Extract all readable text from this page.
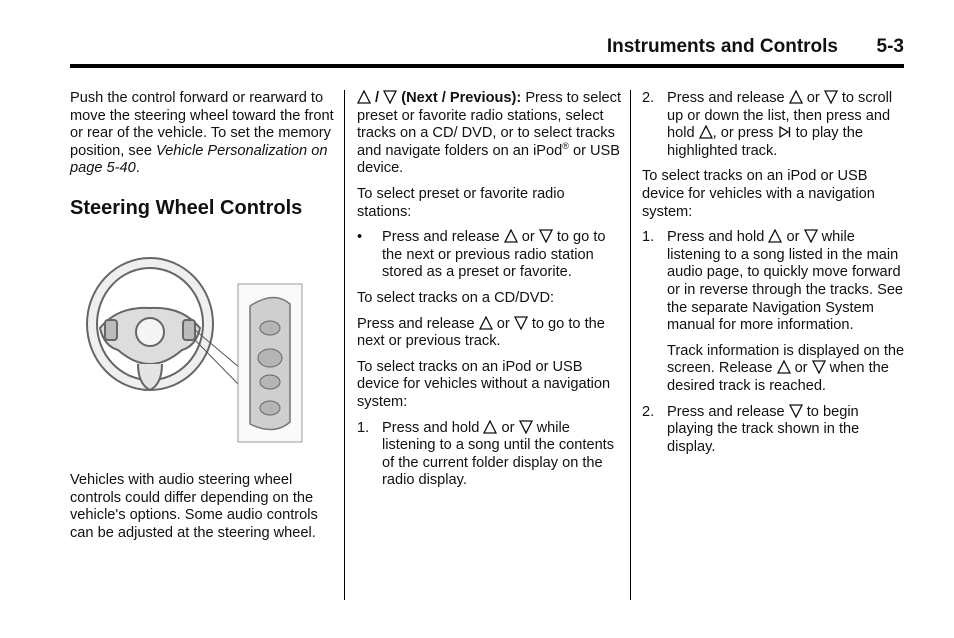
Instruments and Controls 5-3

Push the control forward or rearward to move the steering wheel toward the front or rear of the vehicle. To set the memory position, see Vehicle Personalization on page 5-40.

Steering Wheel Controls

Vehicles with audio steering wheel controls could differ depending on the vehicle's options. Some audio controls can be adjusted at the steering wheel.

/
(Next / Previous): Press to select preset or favorite radio stations, select tracks on a CD/ DVD, or to select tracks and navigate folders on an iPod® or USB device.

To select preset or favorite radio stations:

• Press and release
or
to go to the next or previous radio station stored as a preset or favorite.

To select tracks on a CD/DVD:

Press and release
or
to go to the next or previous track.

To select tracks on an iPod or USB device for vehicles without a navigation system:

1. Press and hold
or
while listening to a song until the contents of the current folder display on the radio display.
2. Press and release
or
to scroll up or down the list, then press and hold
, or press
to play the highlighted track.

To select tracks on an iPod or USB device for vehicles with a navigation system:

1. Press and hold
or
while listening to a song listed in the main audio page, to quickly move forward or in reverse through the tracks. See the separate Navigation System manual for more information.

Track information is displayed on the screen. Release
or
when the desired track is reached.

2. Press and release
to begin playing the track shown in the display.
